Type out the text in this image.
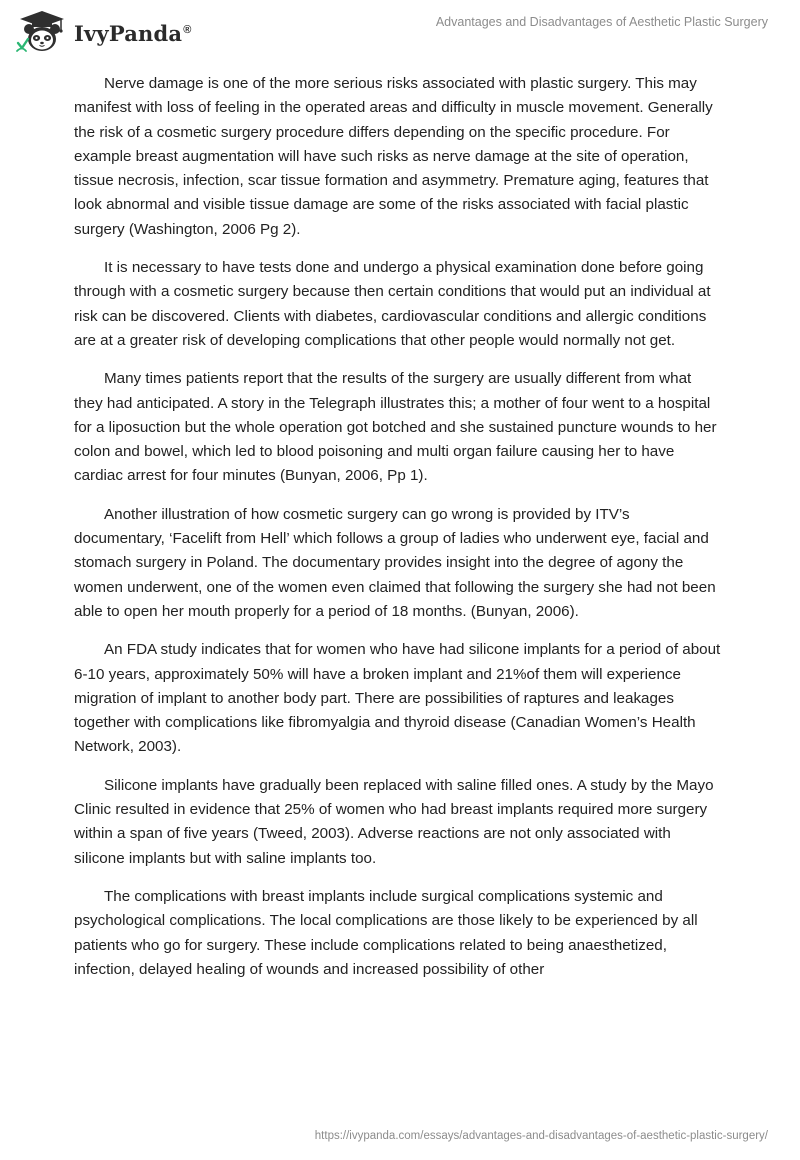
IvyPanda®
Advantages and Disadvantages of Aesthetic Plastic Surgery

Nerve damage is one of the more serious risks associated with plastic surgery. This may manifest with loss of feeling in the operated areas and difficulty in muscle movement. Generally the risk of a cosmetic surgery procedure differs depending on the specific procedure. For example breast augmentation will have such risks as nerve damage at the site of operation, tissue necrosis, infection, scar tissue formation and asymmetry. Premature aging, features that look abnormal and visible tissue damage are some of the risks associated with facial plastic surgery (Washington, 2006 Pg 2).

It is necessary to have tests done and undergo a physical examination done before going through with a cosmetic surgery because then certain conditions that would put an individual at risk can be discovered. Clients with diabetes, cardiovascular conditions and allergic conditions are at a greater risk of developing complications that other people would normally not get.

Many times patients report that the results of the surgery are usually different from what they had anticipated. A story in the Telegraph illustrates this; a mother of four went to a hospital for a liposuction but the whole operation got botched and she sustained puncture wounds to her colon and bowel, which led to blood poisoning and multi organ failure causing her to have cardiac arrest for four minutes (Bunyan, 2006, Pp 1).

Another illustration of how cosmetic surgery can go wrong is provided by ITV’s documentary, ‘Facelift from Hell’ which follows a group of ladies who underwent eye, facial and stomach surgery in Poland. The documentary provides insight into the degree of agony the women underwent, one of the women even claimed that following the surgery she had not been able to open her mouth properly for a period of 18 months. (Bunyan, 2006).

An FDA study indicates that for women who have had silicone implants for a period of about 6-10 years, approximately 50% will have a broken implant and 21%of them will experience migration of implant to another body part. There are possibilities of raptures and leakages together with complications like fibromyalgia and thyroid disease (Canadian Women’s Health Network, 2003).

Silicone implants have gradually been replaced with saline filled ones. A study by the Mayo Clinic resulted in evidence that 25% of women who had breast implants required more surgery within a span of five years (Tweed, 2003). Adverse reactions are not only associated with silicone implants but with saline implants too.

The complications with breast implants include surgical complications systemic and psychological complications. The local complications are those likely to be experienced by all patients who go for surgery. These include complications related to being anaesthetized, infection, delayed healing of wounds and increased possibility of other

https://ivypanda.com/essays/advantages-and-disadvantages-of-aesthetic-plastic-surgery/
